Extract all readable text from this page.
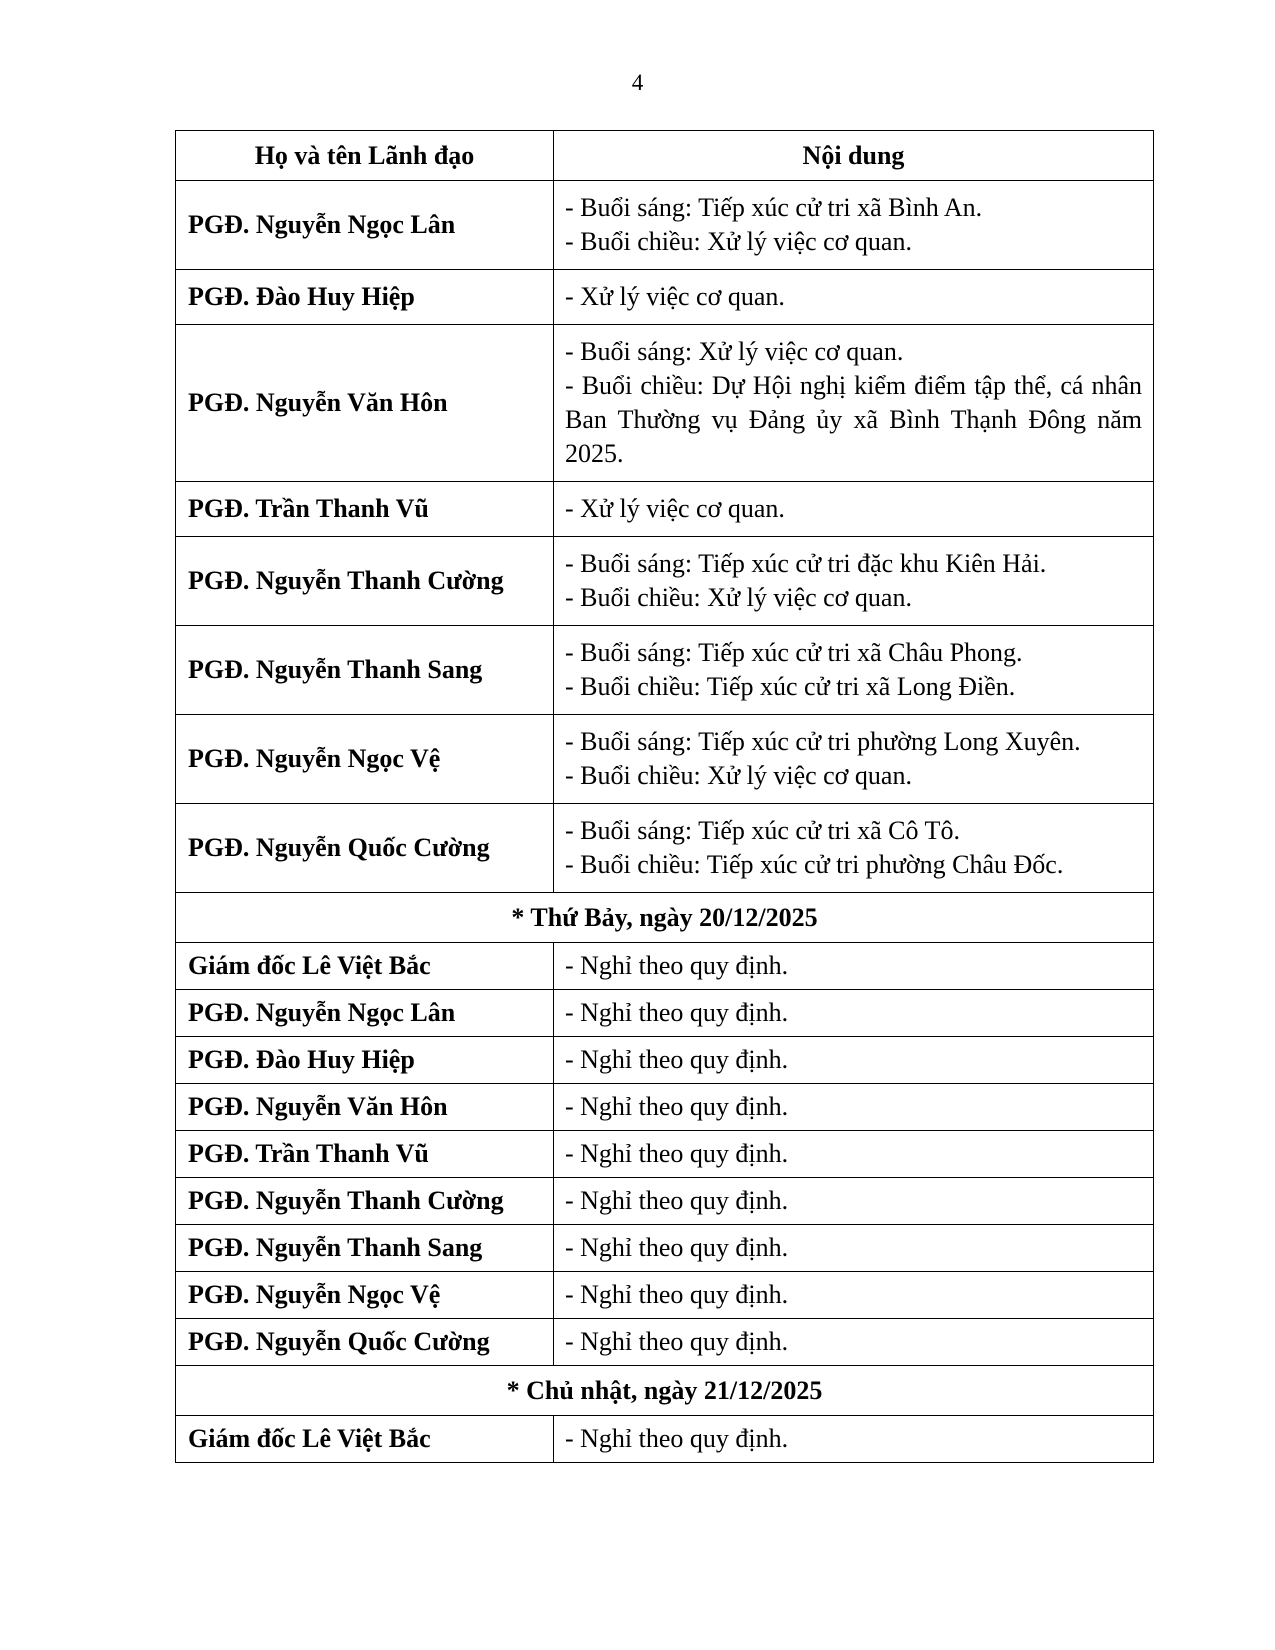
4
Họ và tên Lãnh đạo	Nội dung
PGĐ. Nguyễn Ngọc Lân	- Buổi sáng: Tiếp xúc cử tri xã Bình An.
- Buổi chiều: Xử lý việc cơ quan.

PGĐ. Đào Huy Hiệp	- Xử lý việc cơ quan.

PGĐ. Nguyễn Văn Hôn	- Buổi sáng: Xử lý việc cơ quan.
- Buổi chiều: Dự Hội nghị kiểm điểm tập thể, cá nhân Ban Thường vụ Đảng ủy xã Bình Thạnh Đông năm 2025.

PGĐ. Trần Thanh Vũ	- Xử lý việc cơ quan.

PGĐ. Nguyễn Thanh Cường	- Buổi sáng: Tiếp xúc cử tri đặc khu Kiên Hải.
- Buổi chiều: Xử lý việc cơ quan.

PGĐ. Nguyễn Thanh Sang	- Buổi sáng: Tiếp xúc cử tri xã Châu Phong.
- Buổi chiều: Tiếp xúc cử tri xã Long Điền.

PGĐ. Nguyễn Ngọc Vệ	- Buổi sáng: Tiếp xúc cử tri phường Long Xuyên.
- Buổi chiều: Xử lý việc cơ quan.

PGĐ. Nguyễn Quốc Cường	- Buổi sáng: Tiếp xúc cử tri xã Cô Tô.
- Buổi chiều: Tiếp xúc cử tri phường Châu Đốc.

* Thứ Bảy, ngày 20/12/2025	
Giám đốc Lê Việt Bắc	- Nghỉ theo quy định.
PGĐ. Nguyễn Ngọc Lân	- Nghỉ theo quy định.
PGĐ. Đào Huy Hiệp	- Nghỉ theo quy định.
PGĐ. Nguyễn Văn Hôn	- Nghỉ theo quy định.
PGĐ. Trần Thanh Vũ	- Nghỉ theo quy định.
PGĐ. Nguyễn Thanh Cường	- Nghỉ theo quy định.
PGĐ. Nguyễn Thanh Sang	- Nghỉ theo quy định.
PGĐ. Nguyễn Ngọc Vệ	- Nghỉ theo quy định.
PGĐ. Nguyễn Quốc Cường	- Nghỉ theo quy định.
* Chủ nhật, ngày 21/12/2025	
Giám đốc Lê Việt Bắc	- Nghỉ theo quy định.
